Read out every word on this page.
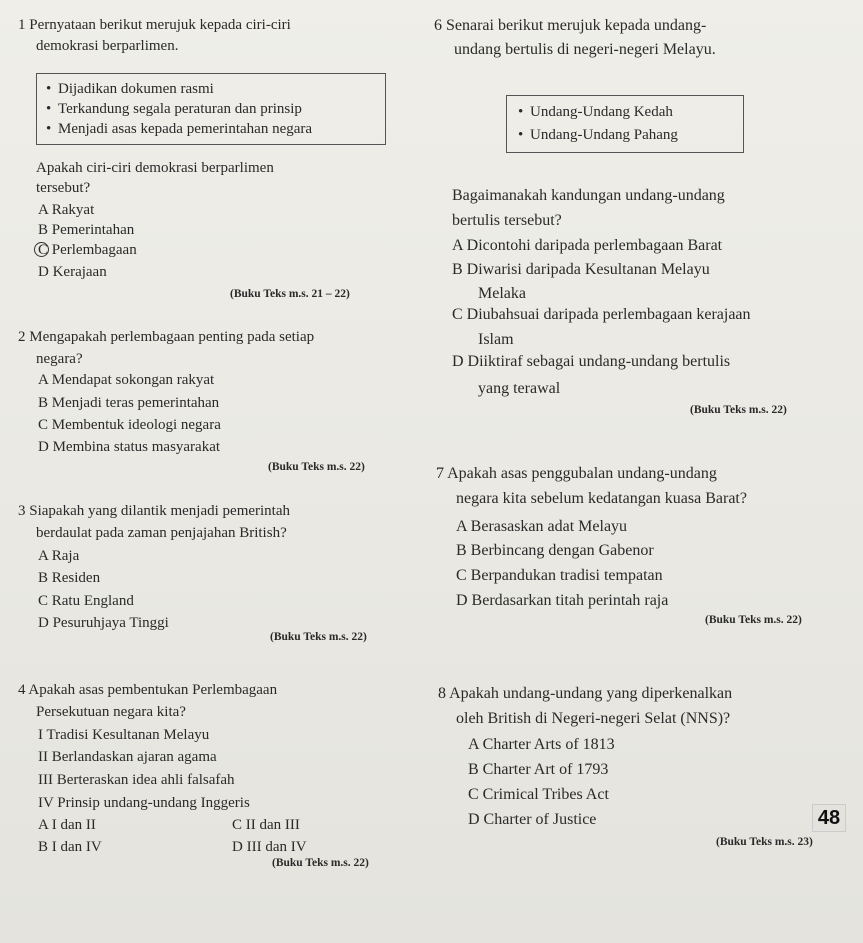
1 Pernyataan berikut merujuk kepada ciri-ciri
demokrasi berparlimen.
• Dijadikan dokumen rasmi
• Terkandung segala peraturan dan prinsip
• Menjadi asas kepada pemerintahan negara
Apakah ciri-ciri demokrasi berparlimen
tersebut?
A Rakyat
B Pemerintahan
C Perlembagaan
D Kerajaan
(Buku Teks m.s. 21 – 22)
2 Mengapakah perlembagaan penting pada setiap
negara?
A Mendapat sokongan rakyat
B Menjadi teras pemerintahan
C Membentuk ideologi negara
D Membina status masyarakat
(Buku Teks m.s. 22)
3 Siapakah yang dilantik menjadi pemerintah
berdaulat pada zaman penjajahan British?
A Raja
B Residen
C Ratu England
D Pesuruhjaya Tinggi
(Buku Teks m.s. 22)
4 Apakah asas pembentukan Perlembagaan
Persekutuan negara kita?
I Tradisi Kesultanan Melayu
II Berlandaskan ajaran agama
III Berteraskan idea ahli falsafah
IV Prinsip undang-undang Inggeris
A I dan II	C II dan III
B I dan IV	D III dan IV
(Buku Teks m.s. 22)
6 Senarai berikut merujuk kepada undang-
undang bertulis di negeri-negeri Melayu.
• Undang-Undang Kedah
• Undang-Undang Pahang
Bagaimanakah kandungan undang-undang
bertulis tersebut?
A Dicontohi daripada perlembagaan Barat
B Diwarisi daripada Kesultanan Melayu
Melaka
C Diubahsuai daripada perlembagaan kerajaan
Islam
D Diiktiraf sebagai undang-undang bertulis
yang terawal
(Buku Teks m.s. 22)
7 Apakah asas penggubalan undang-undang
negara kita sebelum kedatangan kuasa Barat?
A Berasaskan adat Melayu
B Berbincang dengan Gabenor
C Berpandukan tradisi tempatan
D Berdasarkan titah perintah raja
(Buku Teks m.s. 22)
8 Apakah undang-undang yang diperkenalkan
oleh British di Negeri-negeri Selat (NNS)?
A Charter Arts of 1813
B Charter Art of 1793
C Crimical Tribes Act
D Charter of Justice
(Buku Teks m.s. 23)
48
